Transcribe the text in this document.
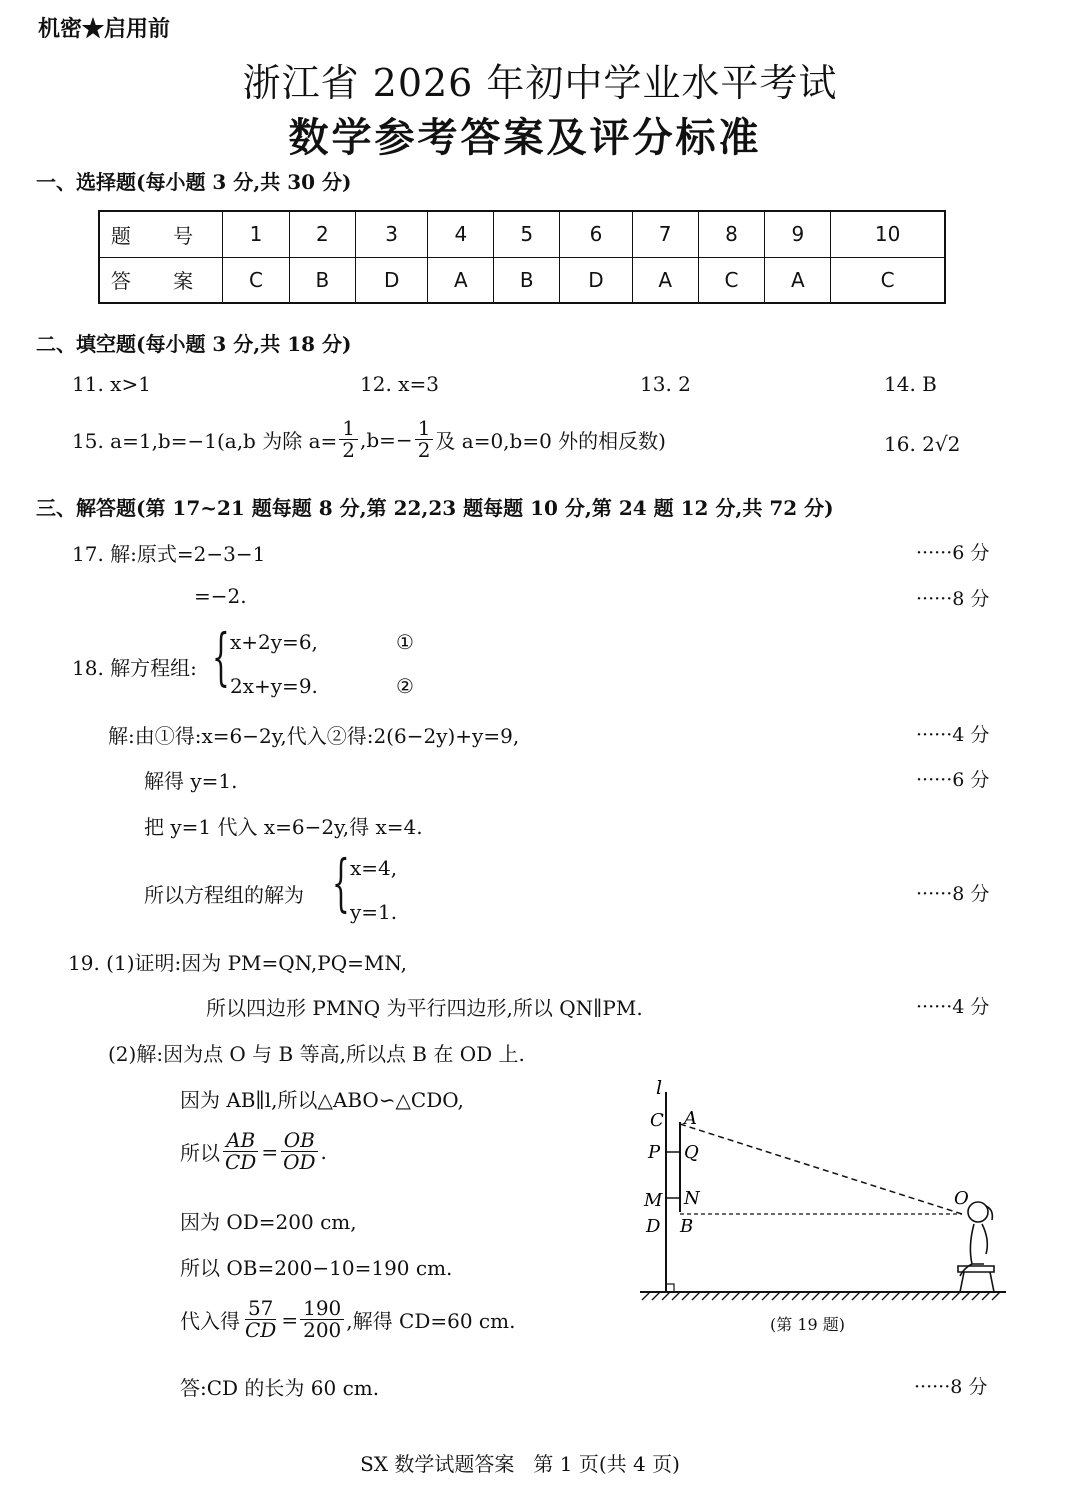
机密★启用前
浙江省 2026 年初中学业水平考试
数学参考答案及评分标准
一、选择题(每小题 3 分,共 30 分)
题 号	1	2	3	4	5	6	7	8	9	10
答 案	C	B	D	A	B	D	A	C	A	C
二、填空题(每小题 3 分,共 18 分)
11. x>1	12. x=3	13. 2	14. B
15. a=1,b=−1(a,b 为除 $a= \frac{1}{2} ,b=- \frac{1}{2}$ 及 a=0,b=0 外的相反数)	16. 2√2
三、解答题(第 17~21 题每题 8 分,第 22,23 题每题 10 分,第 24 题 12 分,共 72 分)
17. 解:原式=2−3−1	······6 分
=−2.	······8 分
18. 解方程组: { x+2y=6,
2x+y=9.
①
②
解:由①得:x=6−2y,代入②得:2(6−2y)+y=9,	······4 分
解得 y=1.	······6 分
把 y=1 代入 x=6−2y,得 x=4.
所以方程组的解为 { x=4,
y=1.
······8 分
19. (1)证明:因为 PM=QN,PQ=MN,
所以四边形 PMNQ 为平行四边形,所以 QN∥PM.	······4 分
(2)解:因为点 O 与 B 等高,所以点 B 在 OD 上.
因为 AB∥l,所以△ABO∽△CDO,
所以 $\frac{AB}{CD} = \frac{OB}{OD}$ .
因为 OD=200 cm,
所以 OB=200−10=190 cm.
代入得 $\frac{57}{CD} = \frac{190}{200}$ ,解得 CD=60 cm.
答:CD 的长为 60 cm.	······8 分
l
C A
P Q
M N
D B
O
(第 19 题)
SX 数学试题答案   第 1 页(共 4 页)
